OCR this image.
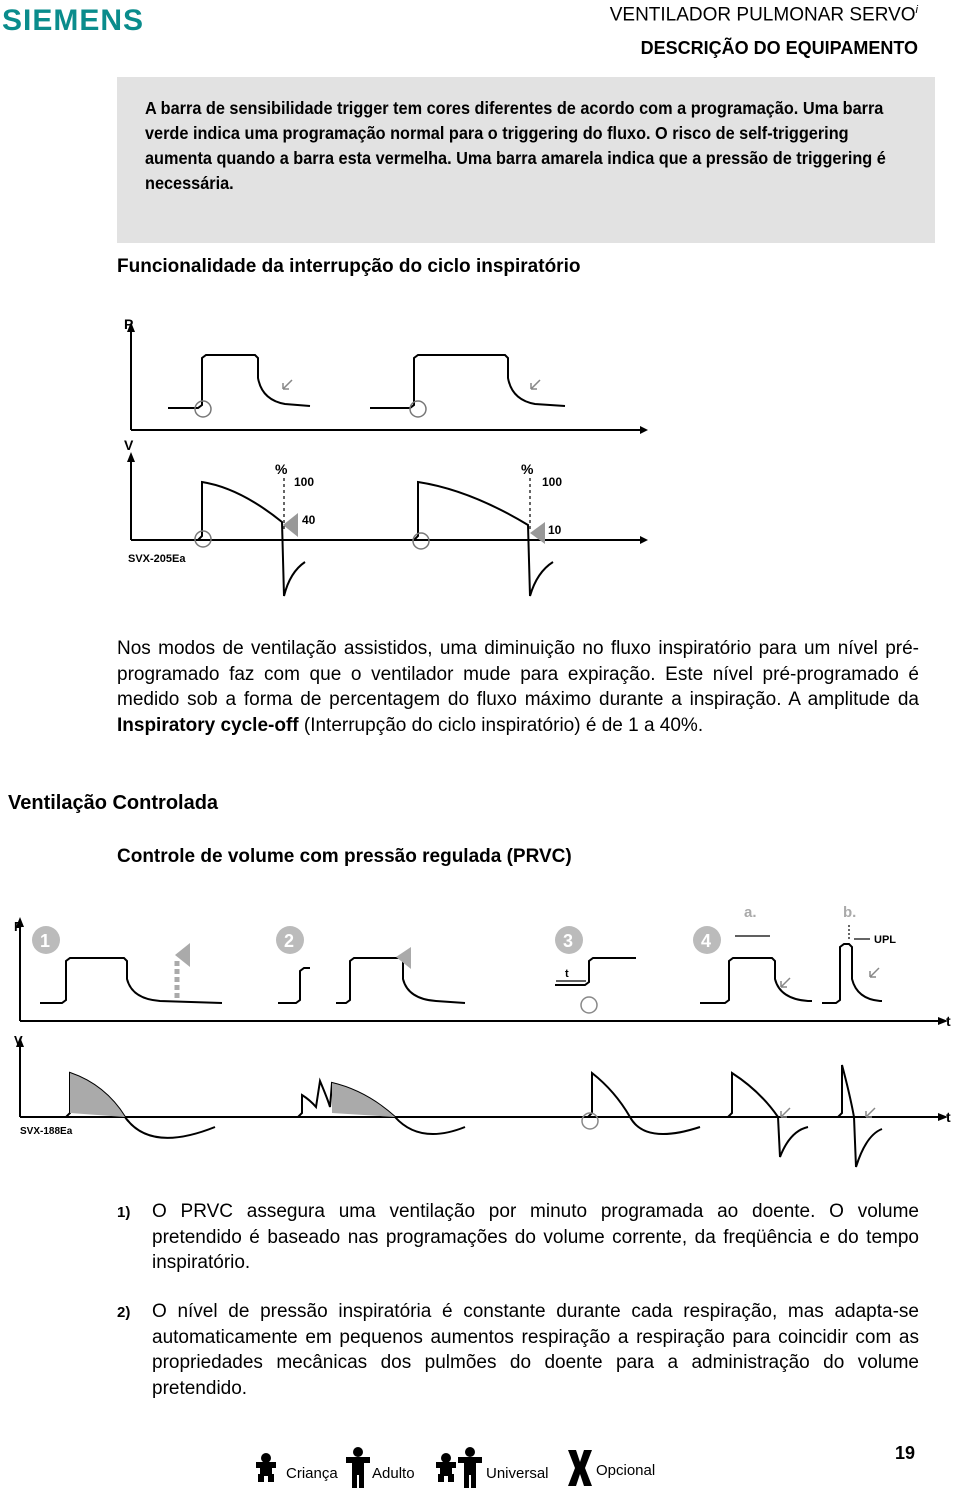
SIEMENS	VENTILADOR PULMONAR SERVO$^i$
DESCRIÇÃO DO EQUIPAMENTO

A barra de sensibilidade trigger tem cores diferentes de acordo com a programação. Uma barra verde indica uma programação normal para o triggering do fluxo. O risco de self-triggering aumenta quando a barra esta vermelha. Uma barra amarela indica que a pressão de triggering é necessária.

Funcionalidade da interrupção do ciclo inspiratório
P
V
%
100
40
%
100
10
SVX-205Ea
Nos modos de ventilação assistidos, uma diminuição no fluxo inspiratório para um nível pré-programado faz com que o ventilador mude para expiração. Este nível pré-programado é medido sob a forma de percentagem do fluxo máximo durante a inspiração. A amplitude da Inspiratory cycle-off (Interrupção do ciclo inspiratório) é de 1 a 40%.
Ventilação Controlada
Controle de volume com pressão regulada (PRVC)
1	2	3	4
P
V
t
t
t
a.	b.
UPL
SVX-188Ea
1) O PRVC assegura uma ventilação por minuto programada ao doente. O volume pretendido é baseado nas programações do volume corrente, da freqüência e do tempo inspiratório.
2) O nível de pressão inspiratória é constante durante cada respiração, mas adapta-se automaticamente em pequenos aumentos respiração a respiração para coincidir com as propriedades mecânicas dos pulmões do doente para a administração do volume pretendido.
Criança Adulto	Universal	Opcional
19
